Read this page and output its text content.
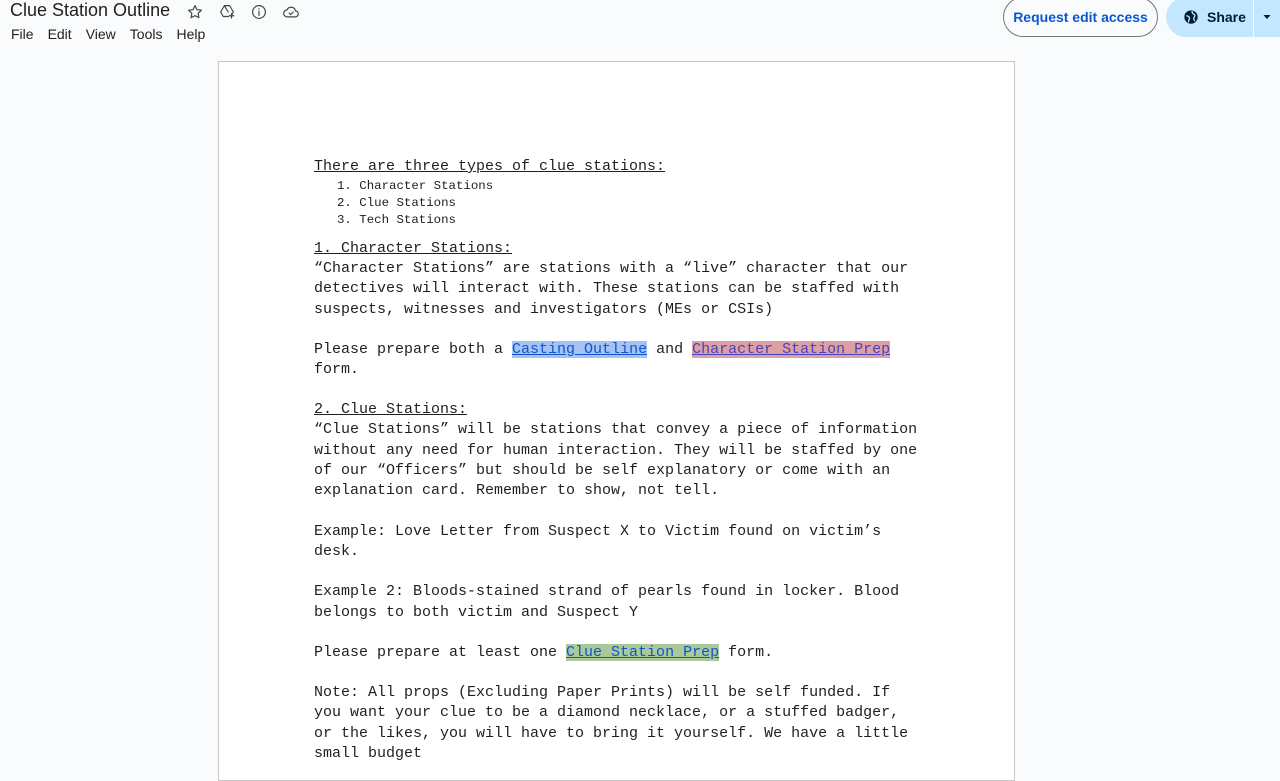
Clue Station Outline
File	Edit	View	Tools	Help
Request edit access	Share
There are three types of clue stations:
1. Character Stations
2. Clue Stations
3. Tech Stations
1. Character Stations:
“Character Stations” are stations with a “live” character that our detectives will interact with. These stations can be staffed with suspects, witnesses and investigators (MEs or CSIs)
Please prepare both a Casting Outline and Character Station Prep form.
2. Clue Stations:
“Clue Stations” will be stations that convey a piece of information without any need for human interaction. They will be staffed by one of our “Officers” but should be self explanatory or come with an explanation card. Remember to show, not tell.
Example: Love Letter from Suspect X to Victim found on victim’s desk.
Example 2: Bloods-stained strand of pearls found in locker. Blood belongs to both victim and Suspect Y
Please prepare at least one Clue Station Prep form.
Note: All props (Excluding Paper Prints) will be self funded. If you want your clue to be a diamond necklace, or a stuffed badger, or the likes, you will have to bring it yourself. We have a little small budget
